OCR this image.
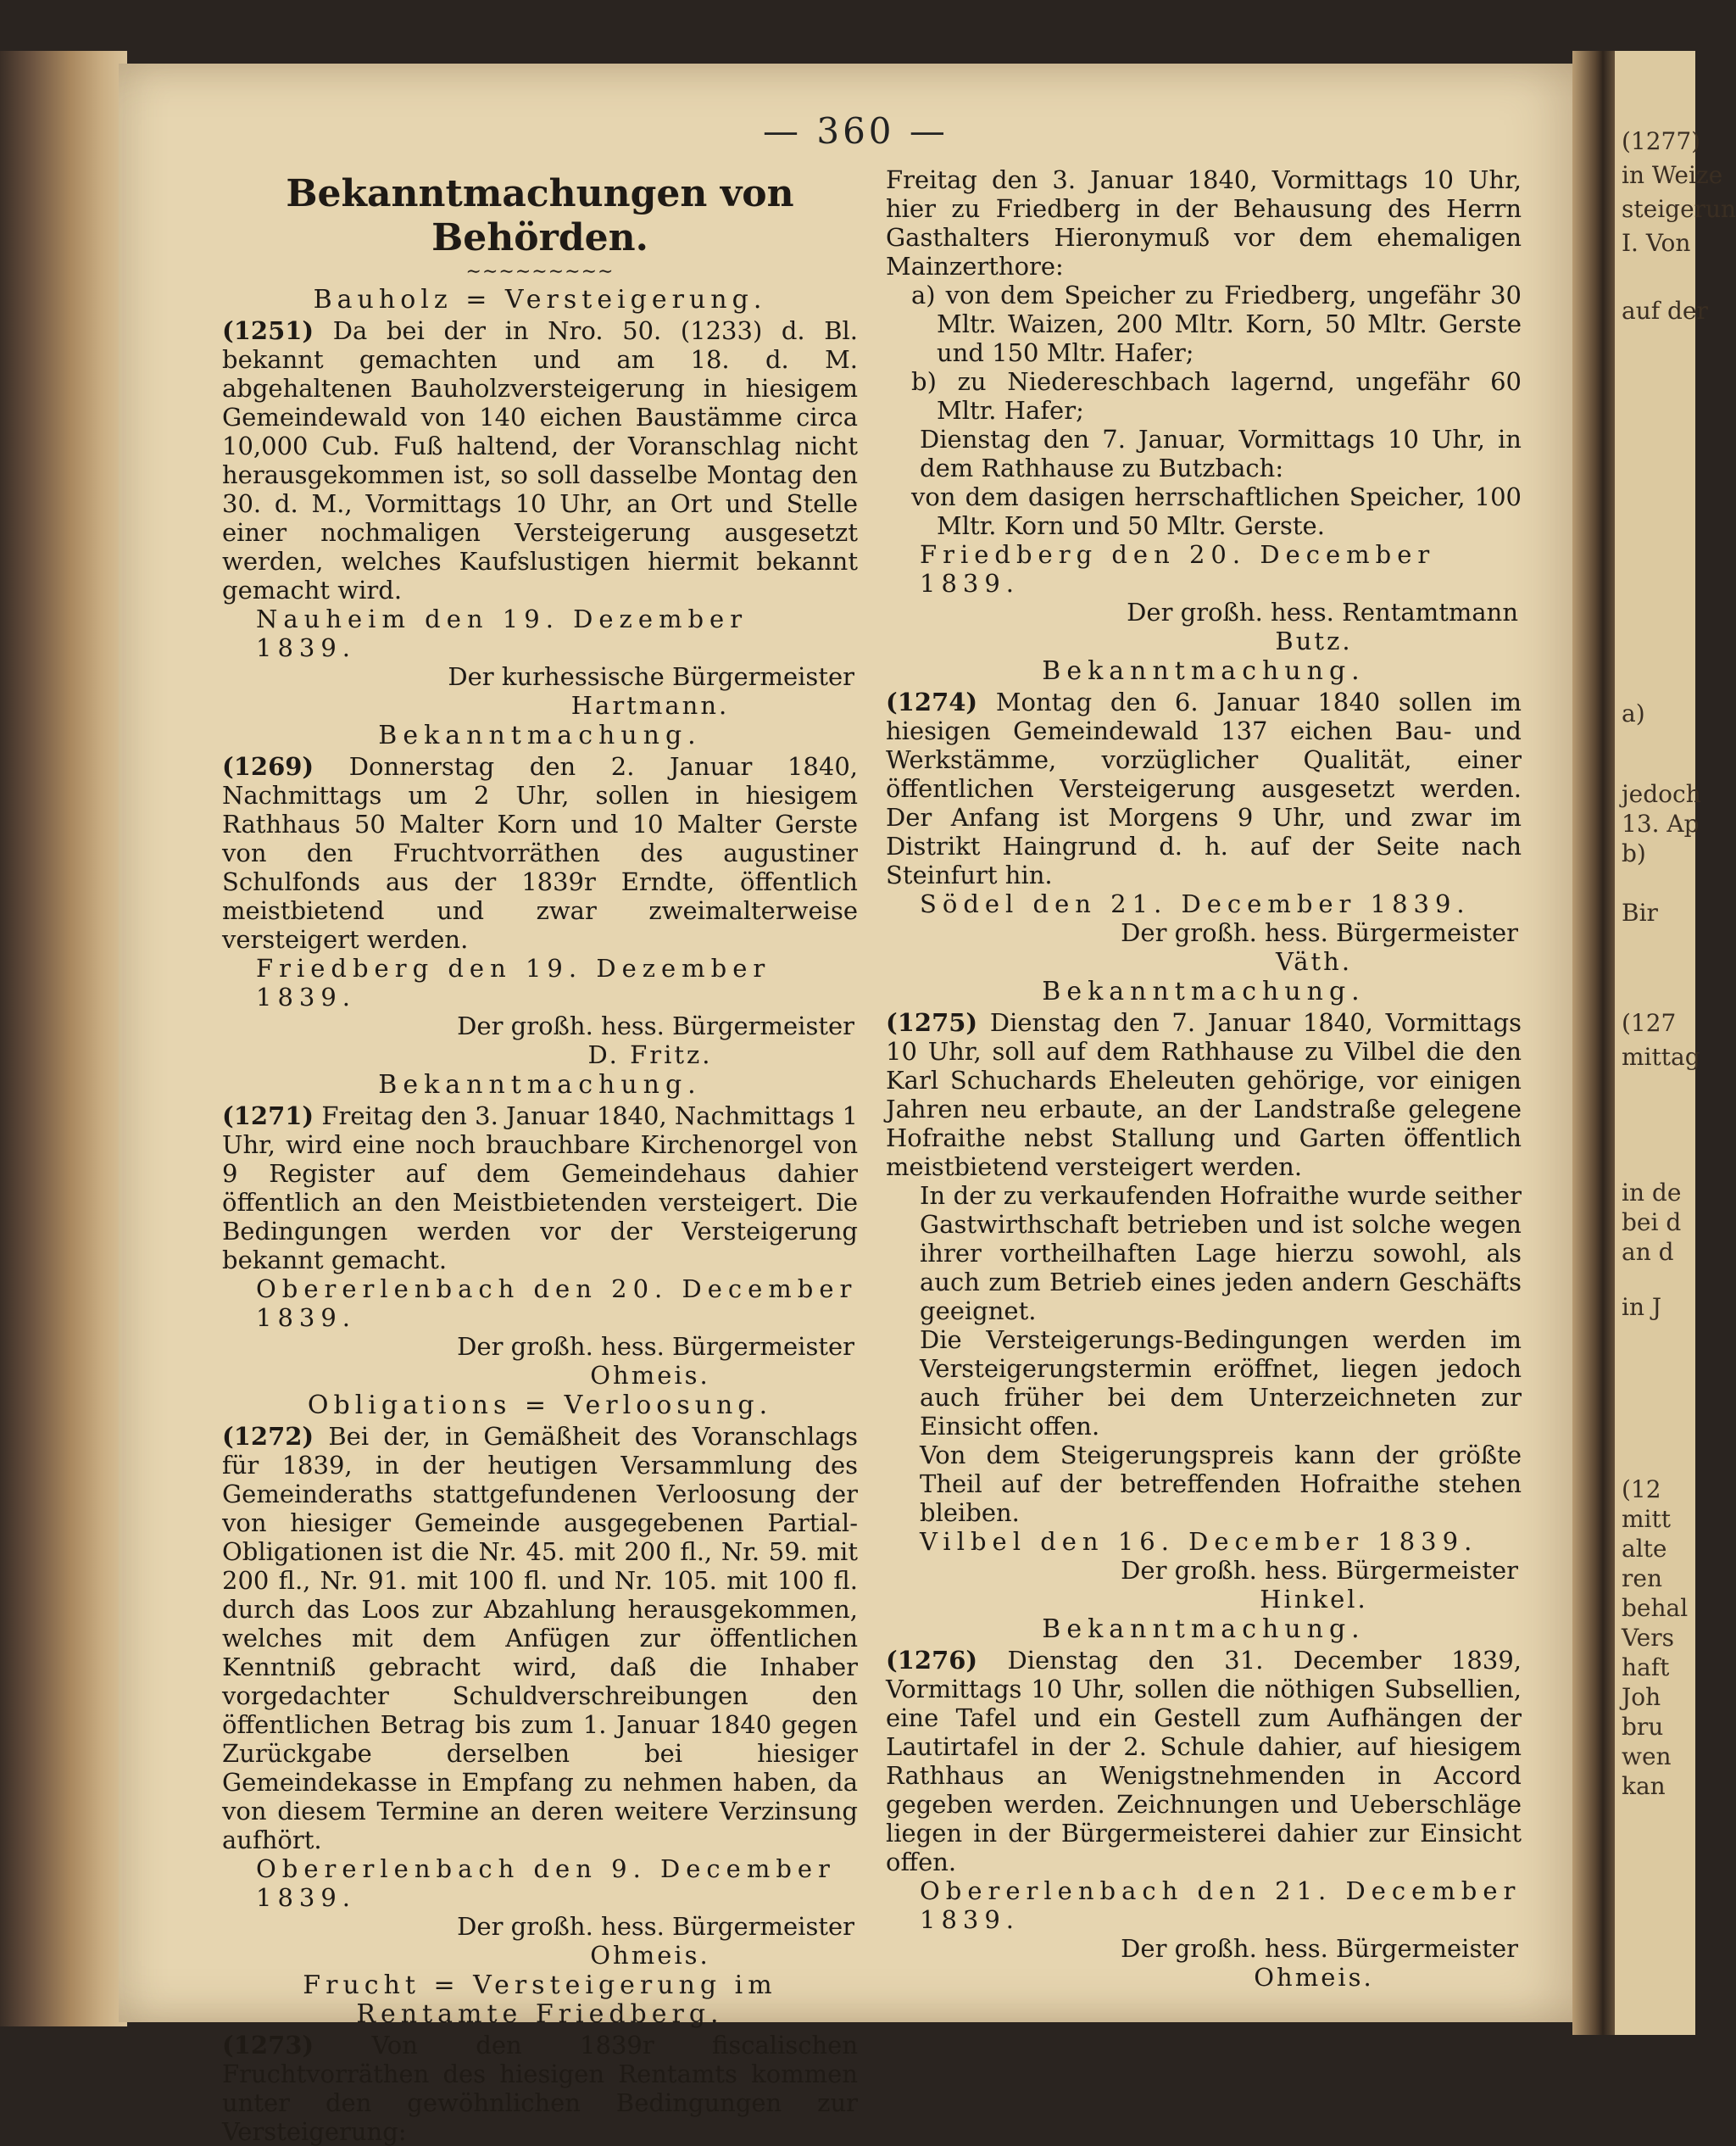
(1277)
in Weize
steigerun
I. Von
auf der
a)
jedoch
13. Ap
b)
Bir
(127
mittag
in de
bei d
an d
in J
(12
mitt
alte
ren
behal
Vers
haft
Joh
bru
wen
kan
— 360 —
Bekanntmachungen von Behörden.
∼∼∼∼∼∼∼∼∼
Bauholz = Versteigerung.

(1251) Da bei der in Nro. 50. (1233) d. Bl. bekannt gemachten und am 18. d. M. abgehaltenen Bauholzversteigerung in hiesigem Gemeindewald von 140 eichen Baustämme circa 10,000 Cub. Fuß haltend, der Voranschlag nicht herausgekommen ist, so soll dasselbe Montag den 30. d. M., Vormittags 10 Uhr, an Ort und Stelle einer nochmaligen Versteigerung ausgesetzt werden, welches Kaufslustigen hiermit bekannt gemacht wird.

Nauheim den 19. Dezember 1839.
Der kurhessische Bürgermeister
Hartmann.
Bekanntmachung.

(1269) Donnerstag den 2. Januar 1840, Nachmittags um 2 Uhr, sollen in hiesigem Rathhaus 50 Malter Korn und 10 Malter Gerste von den Fruchtvorräthen des augustiner Schulfonds aus der 1839r Erndte, öffentlich meistbietend und zwar zweimalterweise versteigert werden.

Friedberg den 19. Dezember 1839.
Der großh. hess. Bürgermeister
D. Fritz.
Bekanntmachung.

(1271) Freitag den 3. Januar 1840, Nachmittags 1 Uhr, wird eine noch brauchbare Kirchenorgel von 9 Register auf dem Gemeindehaus dahier öffentlich an den Meistbietenden versteigert. Die Bedingungen werden vor der Versteigerung bekannt gemacht.

Obererlenbach den 20. December 1839.
Der großh. hess. Bürgermeister
Ohmeis.
Obligations = Verloosung.

(1272) Bei der, in Gemäßheit des Voranschlags für 1839, in der heutigen Versammlung des Gemeinderaths stattgefundenen Verloosung der von hiesiger Gemeinde ausgegebenen Partial-Obligationen ist die Nr. 45. mit 200 fl., Nr. 59. mit 200 fl., Nr. 91. mit 100 fl. und Nr. 105. mit 100 fl. durch das Loos zur Abzahlung herausgekommen, welches mit dem Anfügen zur öffentlichen Kenntniß gebracht wird, daß die Inhaber vorgedachter Schuldverschreibungen den öffentlichen Betrag bis zum 1. Januar 1840 gegen Zurückgabe derselben bei hiesiger Gemeindekasse in Empfang zu nehmen haben, da von diesem Termine an deren weitere Verzinsung aufhört.

Obererlenbach den 9. December 1839.
Der großh. hess. Bürgermeister
Ohmeis.
Frucht = Versteigerung im Rentamte Friedberg.

(1273) Von den 1839r fiscalischen Fruchtvorräthen des hiesigen Rentamts kommen unter den gewöhnlichen Bedingungen zur Versteigerung:

Freitag den 3. Januar 1840, Vormittags 10 Uhr, hier zu Friedberg in der Behausung des Herrn Gasthalters Hieronymuß vor dem ehemaligen Mainzerthore:

a) von dem Speicher zu Friedberg, ungefähr 30 Mltr. Waizen, 200 Mltr. Korn, 50 Mltr. Gerste und 150 Mltr. Hafer;

b) zu Niedereschbach lagernd, ungefähr 60 Mltr. Hafer;

Dienstag den 7. Januar, Vormittags 10 Uhr, in dem Rathhause zu Butzbach:

von dem dasigen herrschaftlichen Speicher, 100 Mltr. Korn und 50 Mltr. Gerste.

Friedberg den 20. December 1839.
Der großh. hess. Rentamtmann
Butz.
Bekanntmachung.

(1274) Montag den 6. Januar 1840 sollen im hiesigen Gemeindewald 137 eichen Bau- und Werkstämme, vorzüglicher Qualität, einer öffentlichen Versteigerung ausgesetzt werden. Der Anfang ist Morgens 9 Uhr, und zwar im Distrikt Haingrund d. h. auf der Seite nach Steinfurt hin.

Södel den 21. December 1839.
Der großh. hess. Bürgermeister
Väth.
Bekanntmachung.

(1275) Dienstag den 7. Januar 1840, Vormittags 10 Uhr, soll auf dem Rathhause zu Vilbel die den Karl Schuchards Eheleuten gehörige, vor einigen Jahren neu erbaute, an der Landstraße gelegene Hofraithe nebst Stallung und Garten öffentlich meistbietend versteigert werden.

In der zu verkaufenden Hofraithe wurde seither Gastwirthschaft betrieben und ist solche wegen ihrer vortheilhaften Lage hierzu sowohl, als auch zum Betrieb eines jeden andern Geschäfts geeignet.

Die Versteigerungs-Bedingungen werden im Versteigerungstermin eröffnet, liegen jedoch auch früher bei dem Unterzeichneten zur Einsicht offen.

Von dem Steigerungspreis kann der größte Theil auf der betreffenden Hofraithe stehen bleiben.

Vilbel den 16. December 1839.
Der großh. hess. Bürgermeister
Hinkel.
Bekanntmachung.

(1276) Dienstag den 31. December 1839, Vormittags 10 Uhr, sollen die nöthigen Subsellien, eine Tafel und ein Gestell zum Aufhängen der Lautirtafel in der 2. Schule dahier, auf hiesigem Rathhaus an Wenigstnehmenden in Accord gegeben werden. Zeichnungen und Ueberschläge liegen in der Bürgermeisterei dahier zur Einsicht offen.

Obererlenbach den 21. December 1839.
Der großh. hess. Bürgermeister
Ohmeis.
